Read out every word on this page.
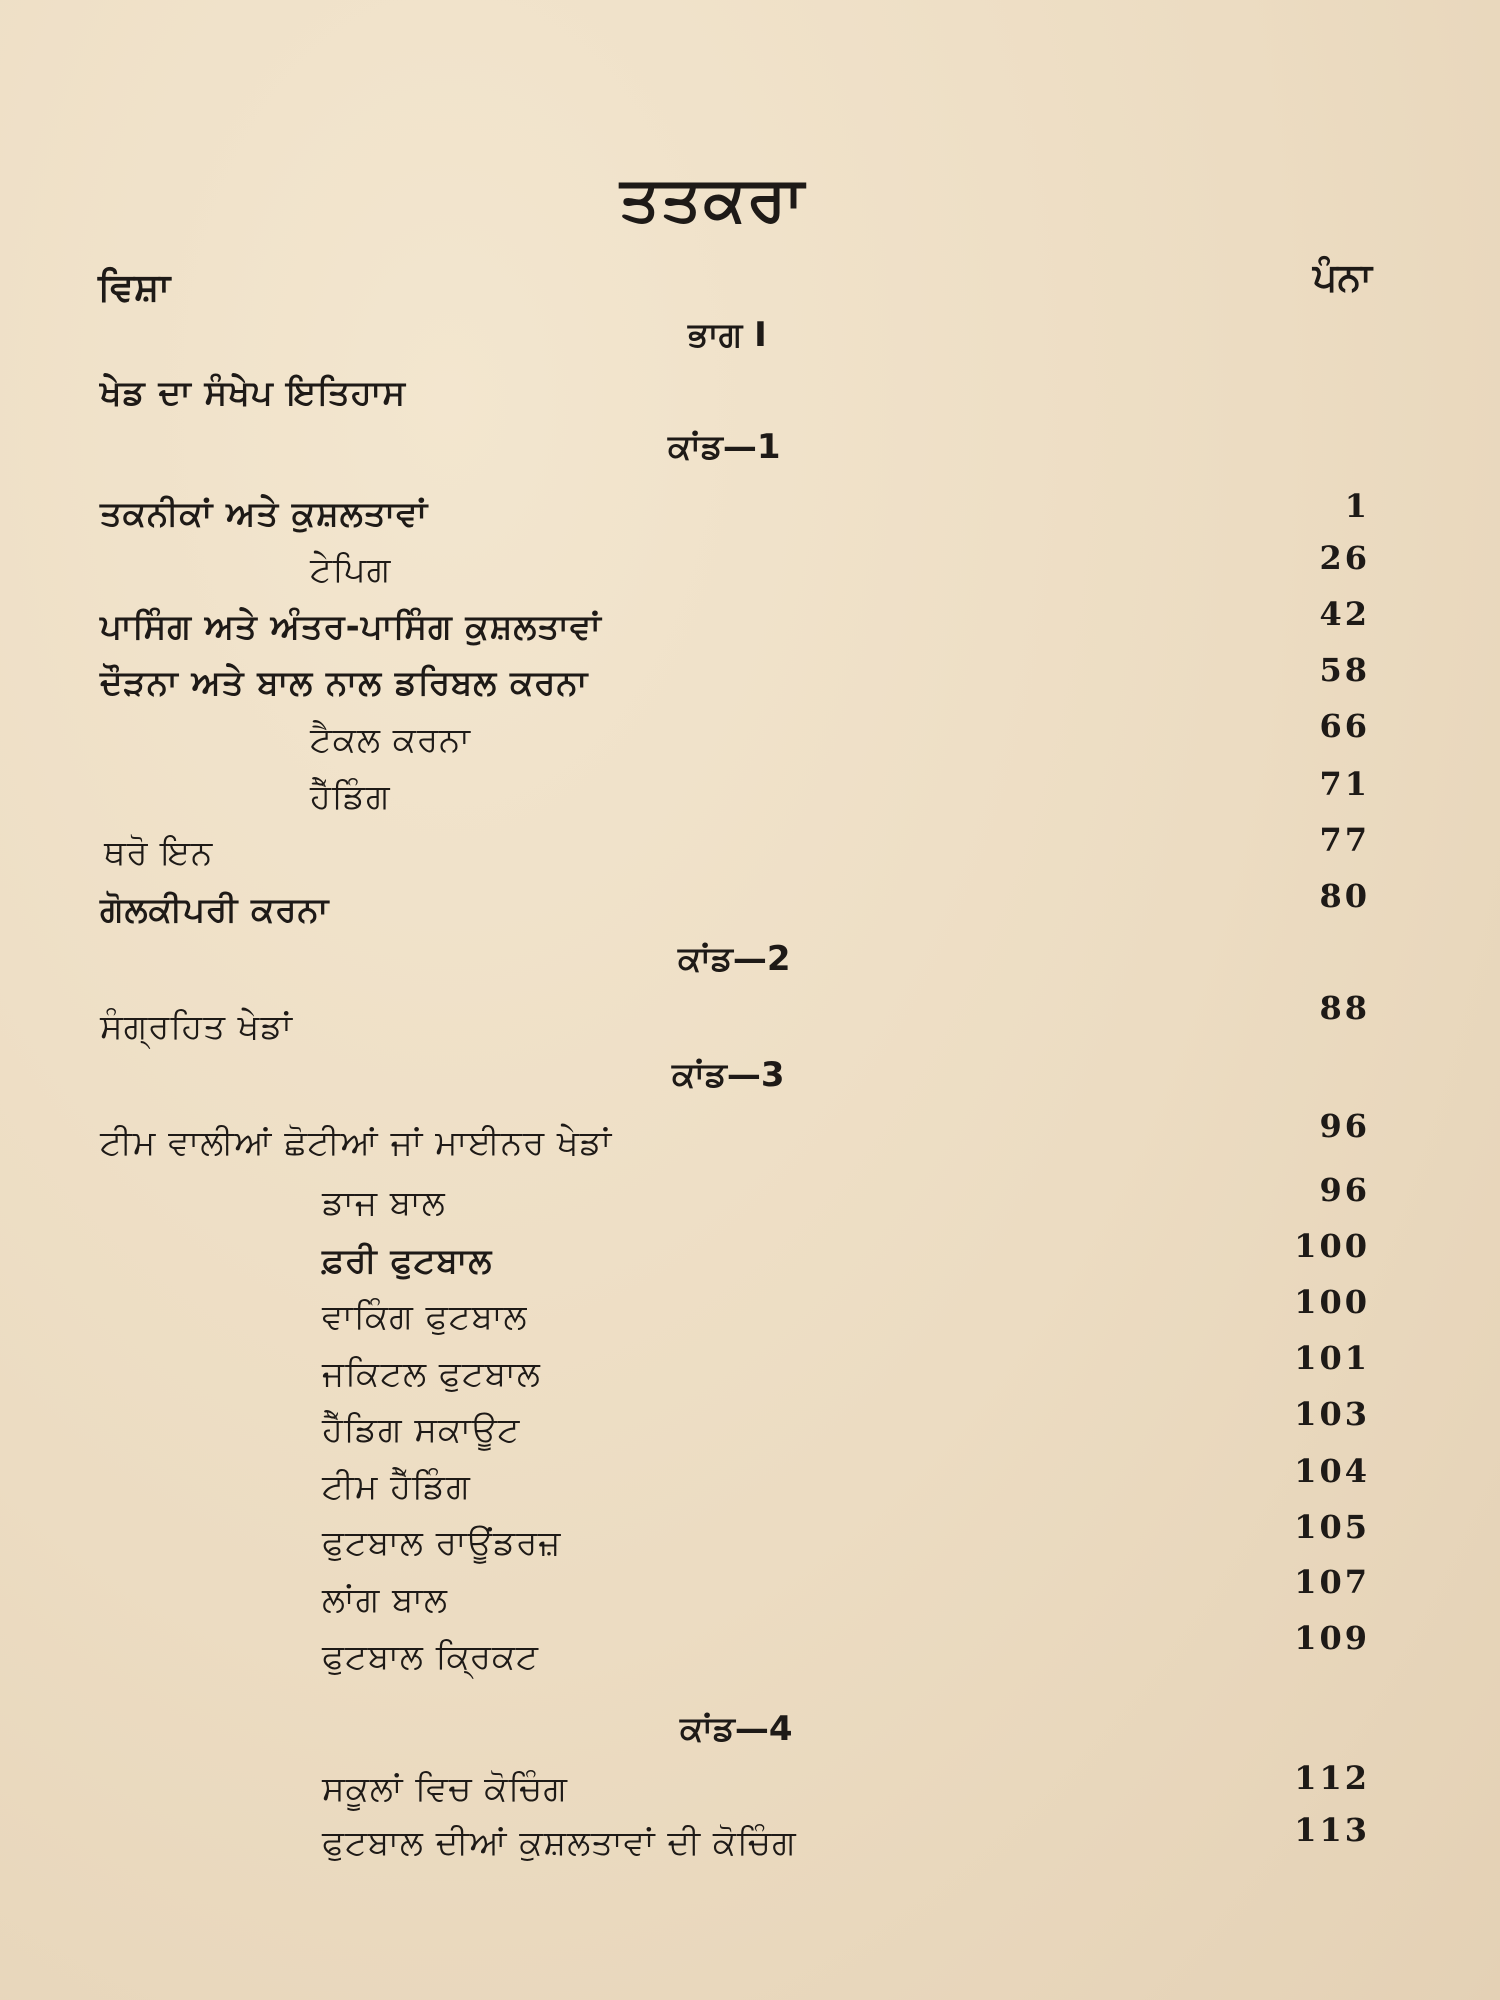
ਤਤਕਰਾ
ਵਿਸ਼ਾ	ਪੰਨਾ
ਭਾਗ I
ਖੇਡ ਦਾ ਸੰਖੇਪ ਇਤਿਹਾਸ
ਕਾਂਡ—1
ਤਕਨੀਕਾਂ ਅਤੇ ਕੁਸ਼ਲਤਾਵਾਂ	1
ਟੇਪਿਗ	26
ਪਾਸਿੰਗ ਅਤੇ ਅੰਤਰ-ਪਾਸਿੰਗ ਕੁਸ਼ਲਤਾਵਾਂ	42
ਦੌੜਨਾ ਅਤੇ ਬਾਲ ਨਾਲ ਡਰਿਬਲ ਕਰਨਾ	58
ਟੈਕਲ ਕਰਨਾ	66
ਹੈੱਡਿੰਗ	71
ਥਰੋ ਇਨ	77
ਗੋਲਕੀਪਰੀ ਕਰਨਾ	80
ਕਾਂਡ—2
ਸੰਗ੍ਰਹਿਤ ਖੇਡਾਂ	88
ਕਾਂਡ—3
ਟੀਮ ਵਾਲੀਆਂ ਛੋਟੀਆਂ ਜਾਂ ਮਾਈਨਰ ਖੇਡਾਂ	96
ਡਾਜ ਬਾਲ	96
ਫ਼ਰੀ ਫੁਟਬਾਲ	100
ਵਾਕਿੰਗ ਫੁਟਬਾਲ	100
ਜਕਿਟਲ ਫੁਟਬਾਲ	101
ਹੈੱਡਿਗ ਸਕਾਊਟ	103
ਟੀਮ ਹੈੱਡਿੰਗ	104
ਫੁਟਬਾਲ ਰਾਊਂਡਰਜ਼	105
ਲਾਂਗ ਬਾਲ	107
ਫੁਟਬਾਲ ਕ੍ਰਿਕਟ	109
ਕਾਂਡ—4
ਸਕੂਲਾਂ ਵਿਚ ਕੋਚਿੰਗ	112
ਫੁਟਬਾਲ ਦੀਆਂ ਕੁਸ਼ਲਤਾਵਾਂ ਦੀ ਕੋਚਿੰਗ	113
